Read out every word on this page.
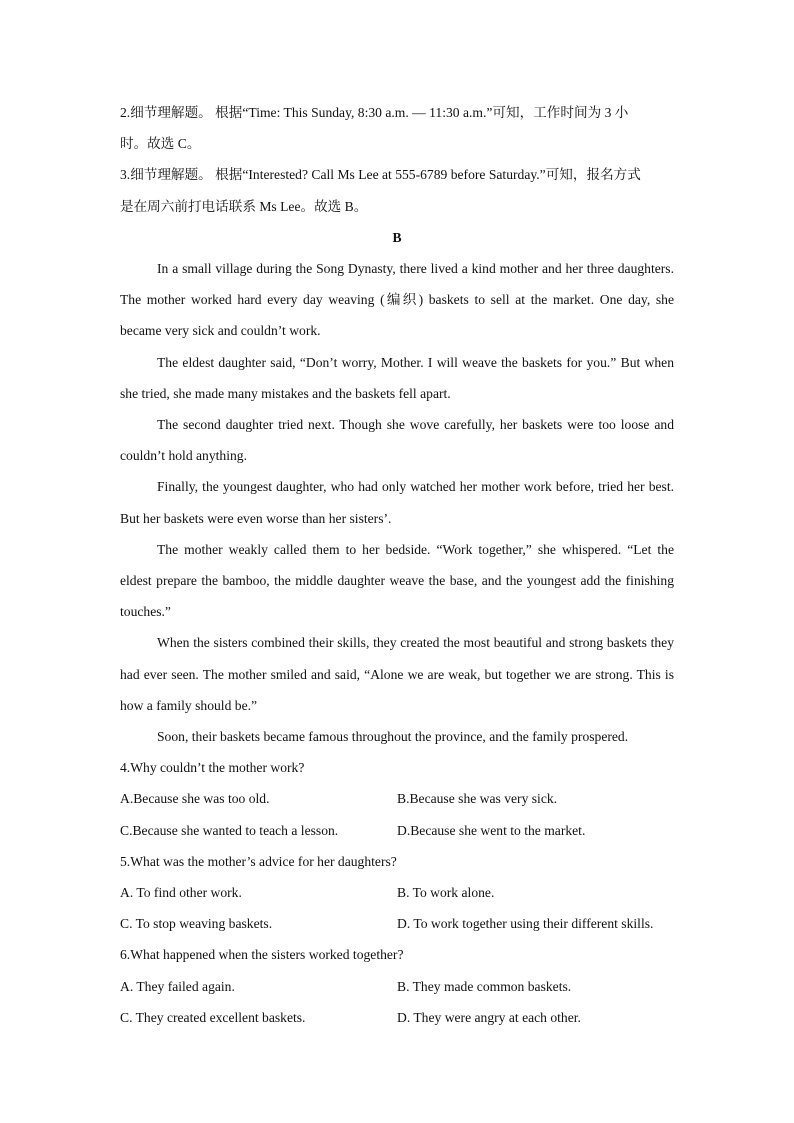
2.细节理解题。 根据“Time: This Sunday, 8:30 a.m. — 11:30 a.m.”可知，工作时间为 3 小
时。故选 C。
3.细节理解题。 根据“Interested? Call Ms Lee at 555-6789 before Saturday.”可知，报名方式
是在周六前打电话联系 Ms Lee。故选 B。
B
In a small village during the Song Dynasty, there lived a kind mother and her three daughters. The mother worked hard every day weaving (编织) baskets to sell at the market. One day, she became very sick and couldn’t work.
The eldest daughter said, “Don’t worry, Mother. I will weave the baskets for you.” But when she tried, she made many mistakes and the baskets fell apart.
The second daughter tried next. Though she wove carefully, her baskets were too loose and couldn’t hold anything.
Finally, the youngest daughter, who had only watched her mother work before, tried her best. But her baskets were even worse than her sisters’.
The mother weakly called them to her bedside. “Work together,” she whispered. “Let the eldest prepare the bamboo, the middle daughter weave the base, and the youngest add the finishing touches.”
When the sisters combined their skills, they created the most beautiful and strong baskets they had ever seen. The mother smiled and said, “Alone we are weak, but together we are strong. This is how a family should be.”
Soon, their baskets became famous throughout the province, and the family prospered.
4.Why couldn’t the mother work?
A.Because she was too old.	B.Because she was very sick.
C.Because she wanted to teach a lesson.	D.Because she went to the market.
5.What was the mother’s advice for her daughters?
A. To find other work.	B. To work alone.
C. To stop weaving baskets.	D. To work together using their different skills.
6.What happened when the sisters worked together?
A. They failed again.	B. They made common baskets.
C. They created excellent baskets.	D. They were angry at each other.
